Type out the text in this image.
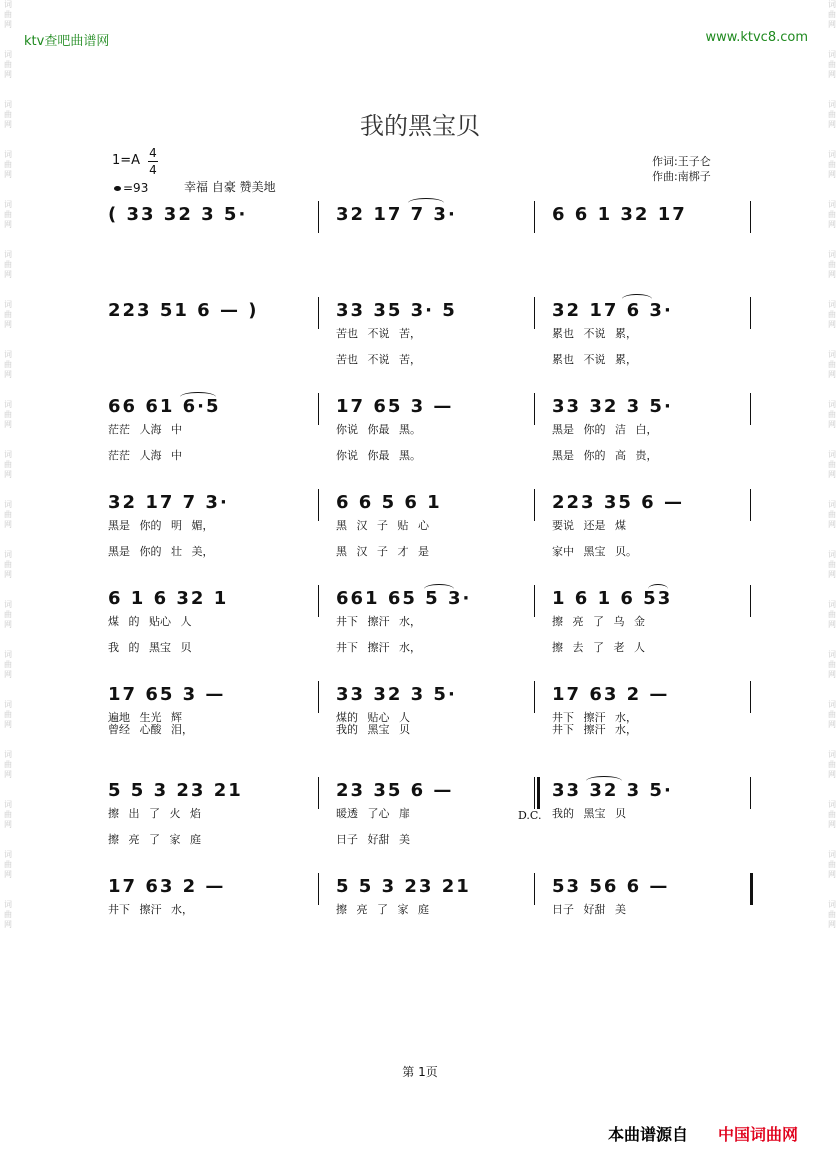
词
曲
网
词
曲
网
词
曲
网
词
曲
网
词
曲
网
词
曲
网
词
曲
网
词
曲
网
词
曲
网
词
曲
网
词
曲
网
词
曲
网
词
曲
网
词
曲
网
词
曲
网
词
曲
网
词
曲
网
词
曲
网
词
曲
网
词
曲
网
词
曲
网
词
曲
网
词
曲
网
词
曲
网
词
曲
网
词
曲
网
词
曲
网
词
曲
网
词
曲
网
词
曲
网
词
曲
网
词
曲
网
词
曲
网
词
曲
网
词
曲
网
词
曲
网
词
曲
网
词
曲
网
ktv查吧曲谱网	www.ktvc8.com
我的黑宝贝
1=A 4
4
=93	幸福 自豪 赞美地
作词:王子仑
作曲:南梆子
( 33 32 3 5·	32 17 7 3·	6 6 1 32 17
223 51 6 — )	33 35 3· 5
苦也 不说 苦，
苦也 不说 苦，
32 17 6 3·
累也 不说 累，
累也 不说 累，
66 61 6·5
茫茫 人海 中
茫茫 人海 中
17 65 3 —
你说 你最 黑。
你说 你最 黑。
33 32 3 5·
黑是 你的 洁 白，
黑是 你的 高 贵，
32 17 7 3·
黑是 你的 明 媚，
黑是 你的 壮 美，
6 6 5 6 1
黑 汉 子 贴 心
黑 汉 子 才 是
223 35 6 —
要说 还是 煤
家中 黑宝 贝。
6 1 6 32 1
煤 的 贴心 人
我 的 黑宝 贝
661 65 5 3·
井下 擦汗 水，
井下 擦汗 水，
1 6 1 6 53
擦 亮 了 乌 金
擦 去 了 老 人
17 65 3 —
遍地 生光 辉
曾经 心酸 泪，
33 32 3 5·
煤的 贴心 人
我的 黑宝 贝
17 63 2 —
井下 擦汗 水，
井下 擦汗 水，
5 5 3 23 21
擦 出 了 火 焰
擦 亮 了 家 庭
23 35 6 —
暖透 了心 扉
日子 好甜 美
33 32 3 5·
我的 黑宝 贝
D.C.
17 63 2 —
井下 擦汗 水，
5 5 3 23 21
擦 亮 了 家 庭
53 56 6 —
日子 好甜 美
第 1页
本曲谱源自 中国词曲网
